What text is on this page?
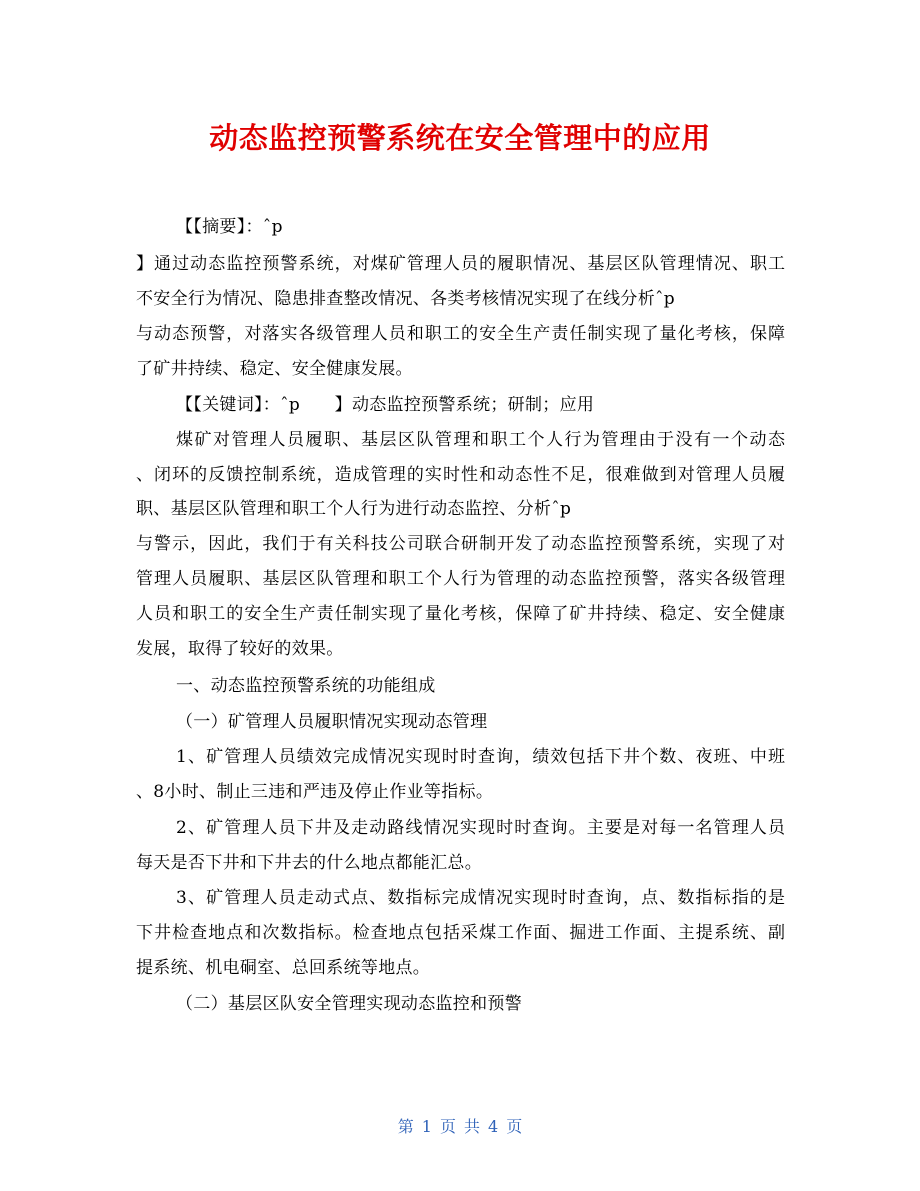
动态监控预警系统在安全管理中的应用
【【摘要】：ˆp
】通过动态监控预警系统，对煤矿管理人员的履职情况、基层区队管理情况、职工
不安全行为情况、隐患排查整改情况、各类考核情况实现了在线分析ˆp
与动态预警，对落实各级管理人员和职工的安全生产责任制实现了量化考核，保障
了矿井持续、稳定、安全健康发展。
【【关键词】：ˆp　　】动态监控预警系统；研制；应用
煤矿对管理人员履职、基层区队管理和职工个人行为管理由于没有一个动态
、闭环的反馈控制系统，造成管理的实时性和动态性不足，很难做到对管理人员履
职、基层区队管理和职工个人行为进行动态监控、分析ˆp
与警示，因此，我们于有关科技公司联合研制开发了动态监控预警系统，实现了对
管理人员履职、基层区队管理和职工个人行为管理的动态监控预警，落实各级管理
人员和职工的安全生产责任制实现了量化考核，保障了矿井持续、稳定、安全健康
发展，取得了较好的效果。
一、动态监控预警系统的功能组成
（一）矿管理人员履职情况实现动态管理
1、矿管理人员绩效完成情况实现时时查询，绩效包括下井个数、夜班、中班
、8小时、制止三违和严违及停止作业等指标。
2、矿管理人员下井及走动路线情况实现时时查询。主要是对每一名管理人员
每天是否下井和下井去的什么地点都能汇总。
3、矿管理人员走动式点、数指标完成情况实现时时查询，点、数指标指的是
下井检查地点和次数指标。检查地点包括采煤工作面、掘进工作面、主提系统、副
提系统、机电硐室、总回系统等地点。
（二）基层区队安全管理实现动态监控和预警
第 1 页 共 4 页
